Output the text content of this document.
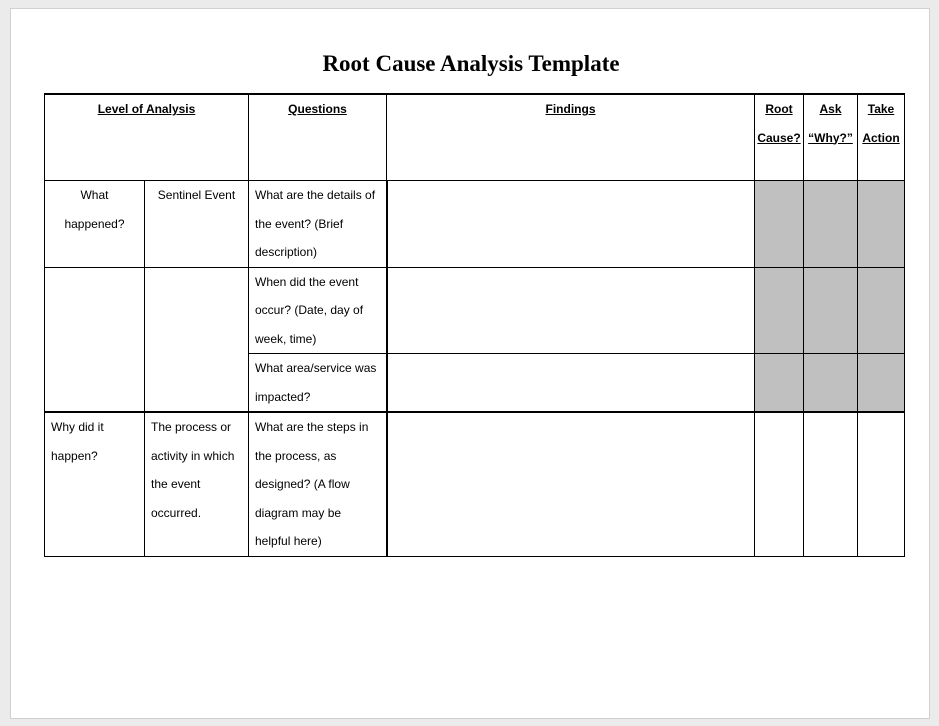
Root Cause Analysis Template
Level of Analysis		Questions	Findings	Root Cause?	Ask “Why?”	Take Action
What happened?	Sentinel Event	What are the details of the event? (Brief description)				
		When did the event occur? (Date, day of week, time)				
		What area/service was impacted?				
Why did it happen?	The process or activity in which the event occurred.	What are the steps in the process, as designed? (A flow diagram may be helpful here)				
